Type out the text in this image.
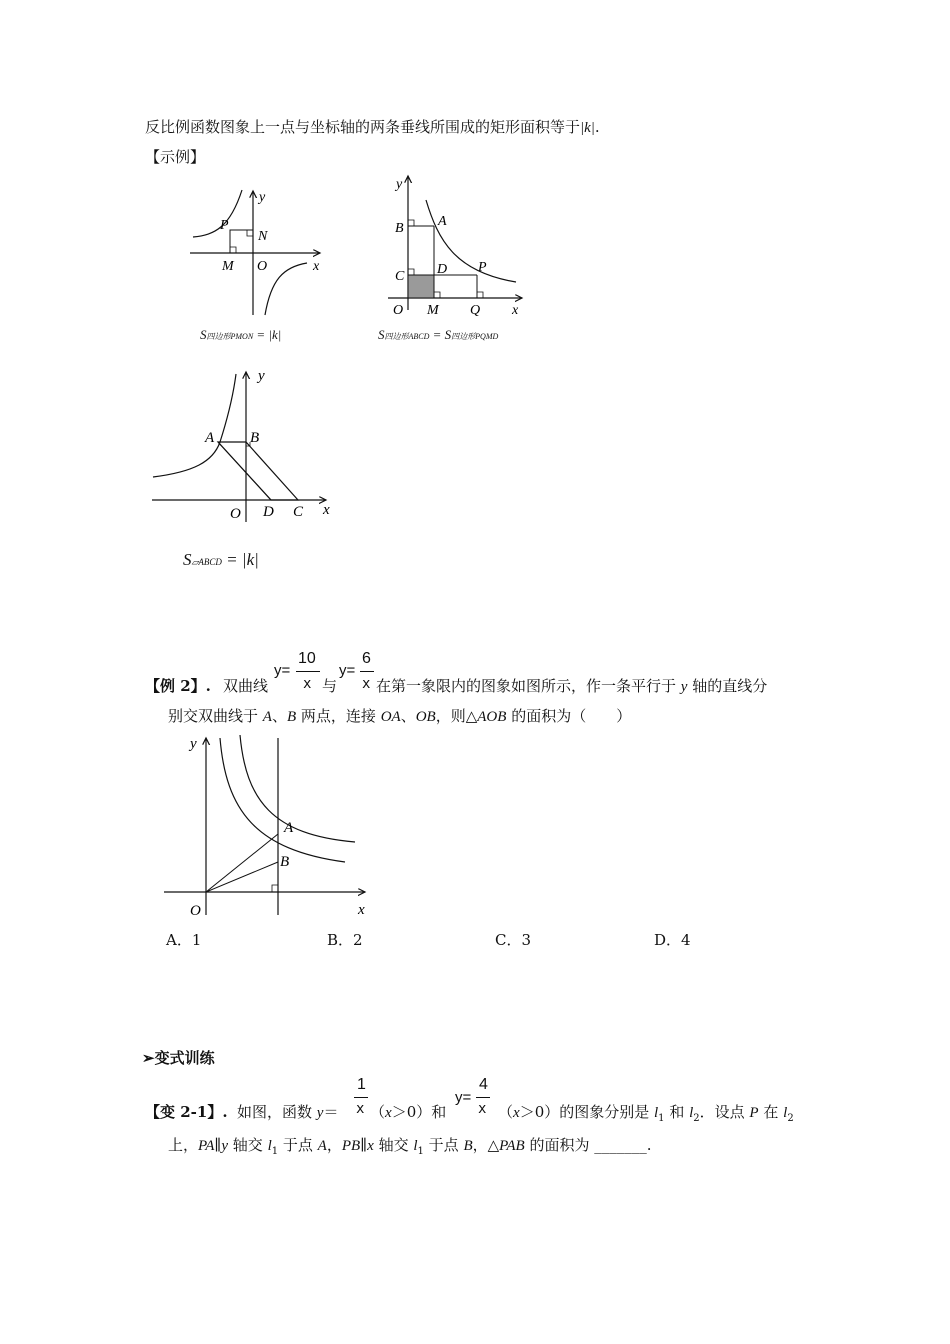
反比例函数图象上一点与坐标轴的两条垂线所围成的矩形面积等于|k|.
【示例】
P
N
M O	x
y
S四边形PMON = |k|
y
A
B
C D P
O M Q x
S四边形ABCD = S四边形PQMD
y
A B
O D C x
S▱ABCD = |k|
【例 2】. 双曲线
y=
10
x 与
y=
6
x 在第一象限内的图象如图所示，作一条平行于 y 轴的直线分
别交双曲线于 A、B 两点，连接 OA、OB，则△AOB 的面积为（　　）
y
A
B
O	x
A．1	B．2	C．3	D．4
➢变式训练
【变 2-1】. 如图，函数 y＝
1
x （x＞0）和
y=
4
x （x＞0）的图象分别是 $l_1$ 和 $l_2$．设点 P 在 $l_2$
上，PA∥y 轴交 $l_1$ 于点 A，PB∥x 轴交 $l_1$ 于点 B，△PAB 的面积为 _______.
